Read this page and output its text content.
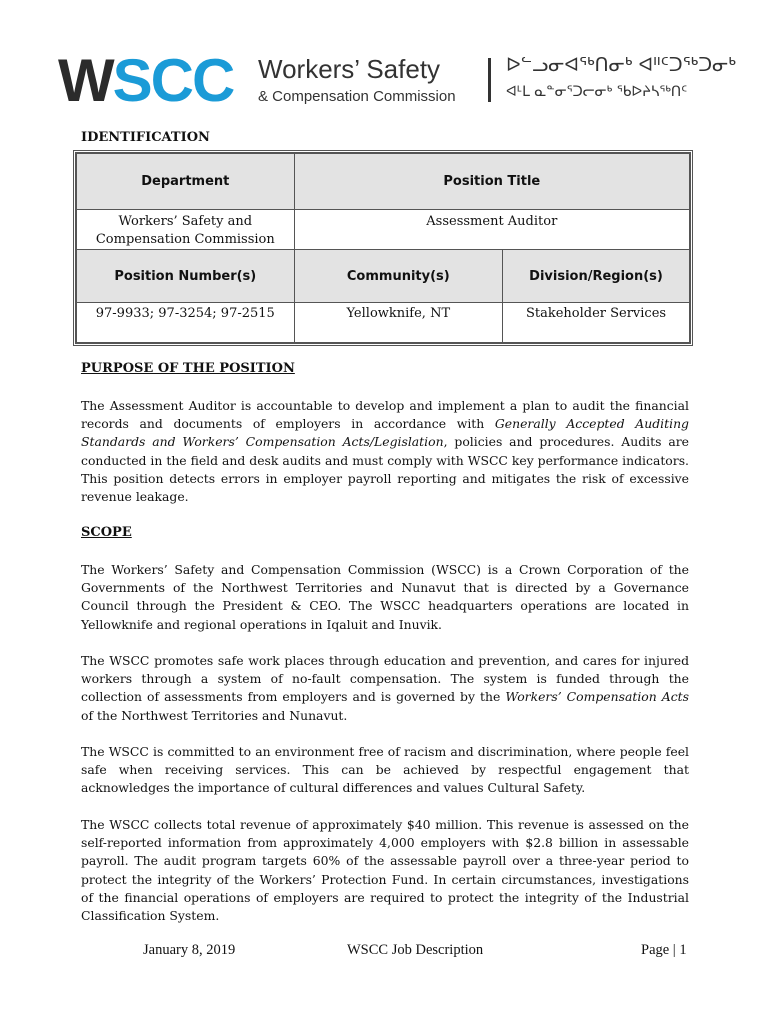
WSCC Workers’ Safety
& Compensation Commission
ᐅᓪᓗᓂᐊᖅᑎᓂᒃ ᐊᐦᑦᑐᖅᑐᓂᒃ
ᐊᒻᒪ ᓇᓐᓂᕐᑐᓕᓂᒃ ᖃᐅᔨᓴᖅᑎᑦ
IDENTIFICATION
Department	Position Title	
Workers’ Safety and Compensation Commission	Assessment Auditor	
Position Number(s)	Community(s)	Division/Region(s)
97-9933; 97-3254; 97-2515	Yellowknife, NT	Stakeholder Services
PURPOSE OF THE POSITION
The Assessment Auditor is accountable to develop and implement a plan to audit the financial records and documents of employers in accordance with Generally Accepted Auditing Standards and Workers’ Compensation Acts/Legislation, policies and procedures. Audits are conducted in the field and desk audits and must comply with WSCC key performance indicators. This position detects errors in employer payroll reporting and mitigates the risk of excessive revenue leakage.
SCOPE
The Workers’ Safety and Compensation Commission (WSCC) is a Crown Corporation of the Governments of the Northwest Territories and Nunavut that is directed by a Governance Council through the President & CEO. The WSCC headquarters operations are located in Yellowknife and regional operations in Iqaluit and Inuvik.
The WSCC promotes safe work places through education and prevention, and cares for injured workers through a system of no-fault compensation. The system is funded through the collection of assessments from employers and is governed by the Workers’ Compensation Acts of the Northwest Territories and Nunavut.
The WSCC is committed to an environment free of racism and discrimination, where people feel safe when receiving services. This can be achieved by respectful engagement that acknowledges the importance of cultural differences and values Cultural Safety.
The WSCC collects total revenue of approximately $40 million. This revenue is assessed on the self-reported information from approximately 4,000 employers with $2.8 billion in assessable payroll. The audit program targets 60% of the assessable payroll over a three-year period to protect the integrity of the Workers’ Protection Fund. In certain circumstances, investigations of the financial operations of employers are required to protect the integrity of the Industrial Classification System.
January 8, 2019	WSCC Job Description	Page | 1
